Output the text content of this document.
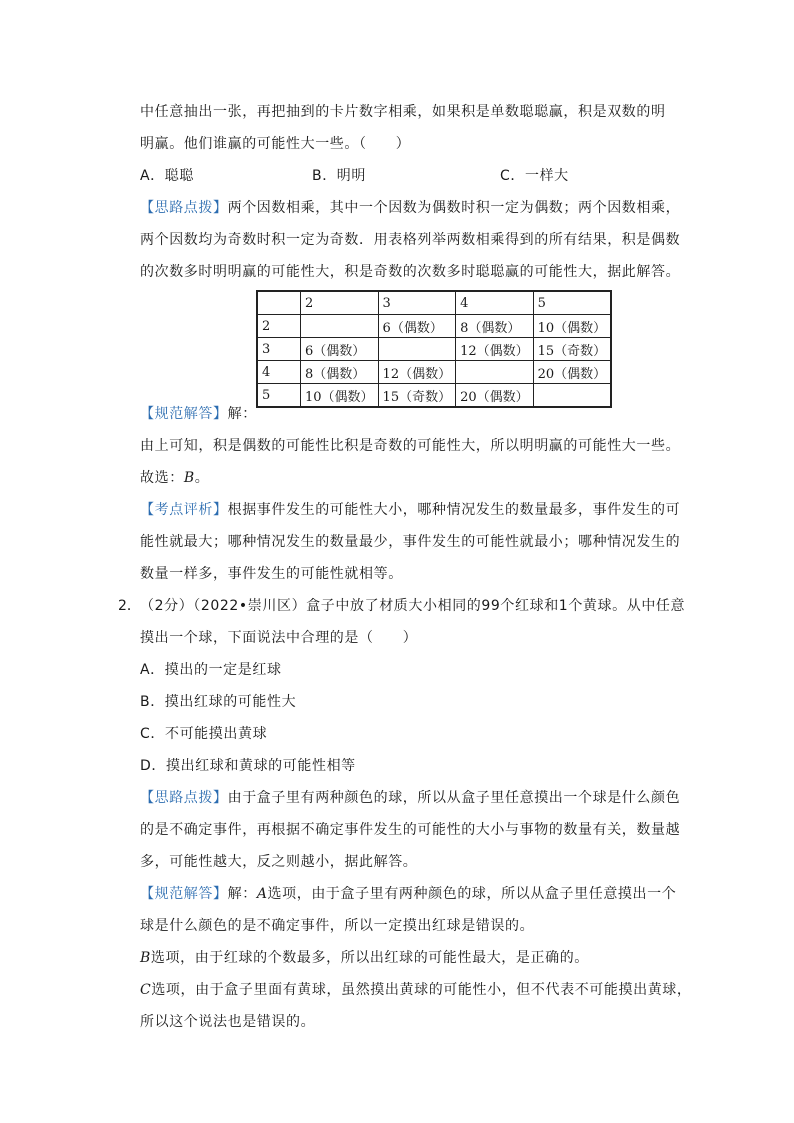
中任意抽出一张，再把抽到的卡片数字相乘，如果积是单数聪聪赢，积是双数的明
明赢。他们谁赢的可能性大一些。（　　）
A．聪聪	B．明明	C．一样大
【思路点拨】两个因数相乘，其中一个因数为偶数时积一定为偶数；两个因数相乘，
两个因数均为奇数时积一定为奇数．用表格列举两数相乘得到的所有结果，积是偶数
的次数多时明明赢的可能性大，积是奇数的次数多时聪聪赢的可能性大，据此解答。
	2	3	4	5
2		6（偶数）	8（偶数）	10（偶数）
3	6（偶数）		12（偶数）	15（奇数）
4	8（偶数）	12（偶数）		20（偶数）
5	10（偶数）	15（奇数）	20（偶数）	
【规范解答】解：
由上可知，积是偶数的可能性比积是奇数的可能性大，所以明明赢的可能性大一些。
故选：B。
【考点评析】根据事件发生的可能性大小，哪种情况发生的数量最多，事件发生的可
能性就最大；哪种情况发生的数量最少，事件发生的可能性就最小；哪种情况发生的
数量一样多，事件发生的可能性就相等。
2． （2分）（2022•崇川区）盒子中放了材质大小相同的99个红球和1个黄球。从中任意
摸出一个球，下面说法中合理的是（　　）
A．摸出的一定是红球
B．摸出红球的可能性大
C．不可能摸出黄球
D．摸出红球和黄球的可能性相等
【思路点拨】由于盒子里有两种颜色的球，所以从盒子里任意摸出一个球是什么颜色
的是不确定事件，再根据不确定事件发生的可能性的大小与事物的数量有关，数量越
多，可能性越大，反之则越小，据此解答。
【规范解答】解：A选项，由于盒子里有两种颜色的球，所以从盒子里任意摸出一个
球是什么颜色的是不确定事件，所以一定摸出红球是错误的。
B选项，由于红球的个数最多，所以出红球的可能性最大，是正确的。
C选项，由于盒子里面有黄球，虽然摸出黄球的可能性小，但不代表不可能摸出黄球，
所以这个说法也是错误的。
